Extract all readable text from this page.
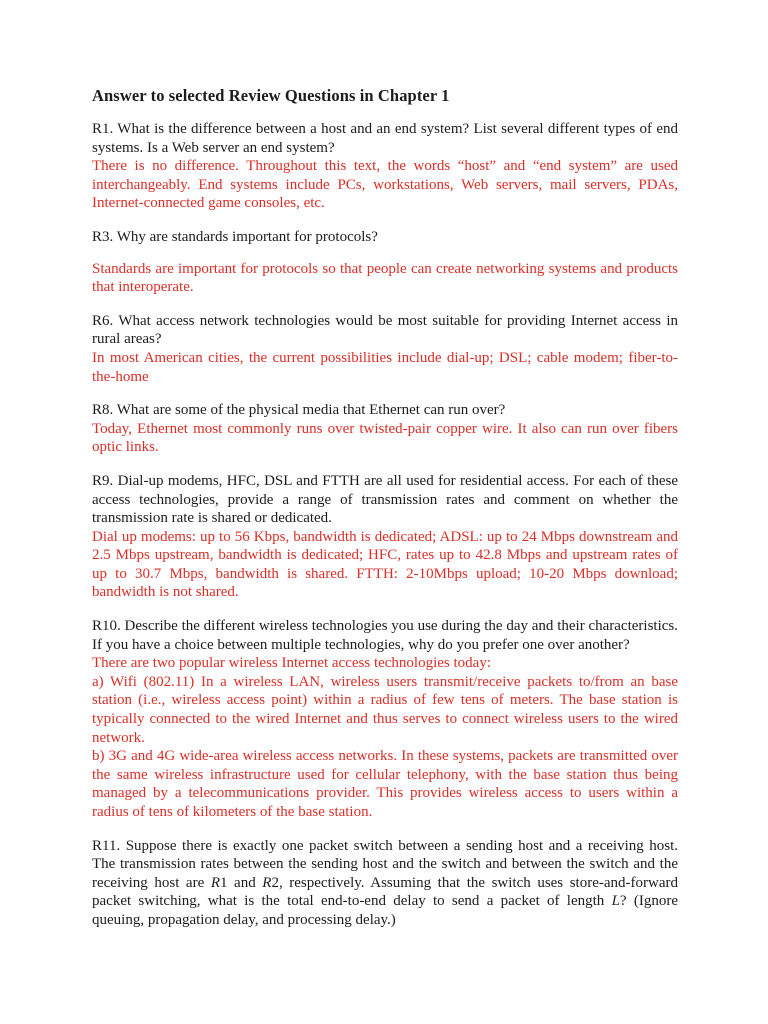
Answer to selected Review Questions in Chapter 1

R1. What is the difference between a host and an end system? List several different types of end systems. Is a Web server an end system?

There is no difference. Throughout this text, the words “host” and “end system” are used interchangeably. End systems include PCs, workstations, Web servers, mail servers, PDAs, Internet-connected game consoles, etc.

R3. Why are standards important for protocols?

Standards are important for protocols so that people can create networking systems and products that interoperate.

R6. What access network technologies would be most suitable for providing Internet access in rural areas?

In most American cities, the current possibilities include dial-up; DSL; cable modem; fiber-to-the-home

R8. What are some of the physical media that Ethernet can run over?

Today, Ethernet most commonly runs over twisted-pair copper wire. It also can run over fibers optic links.

R9. Dial-up modems, HFC, DSL and FTTH are all used for residential access. For each of these access technologies, provide a range of transmission rates and comment on whether the transmission rate is shared or dedicated.

Dial up modems: up to 56 Kbps, bandwidth is dedicated; ADSL: up to 24 Mbps downstream and 2.5 Mbps upstream, bandwidth is dedicated; HFC, rates up to 42.8 Mbps and upstream rates of up to 30.7 Mbps, bandwidth is shared. FTTH: 2-10Mbps upload; 10-20 Mbps download; bandwidth is not shared.

R10. Describe the different wireless technologies you use during the day and their characteristics. If you have a choice between multiple technologies, why do you prefer one over another?

There are two popular wireless Internet access technologies today:

a) Wifi (802.11) In a wireless LAN, wireless users transmit/receive packets to/from an base station (i.e., wireless access point) within a radius of few tens of meters. The base station is typically connected to the wired Internet and thus serves to connect wireless users to the wired network.

b) 3G and 4G wide-area wireless access networks. In these systems, packets are transmitted over the same wireless infrastructure used for cellular telephony, with the base station thus being managed by a telecommunications provider. This provides wireless access to users within a radius of tens of kilometers of the base station.

R11. Suppose there is exactly one packet switch between a sending host and a receiving host. The transmission rates between the sending host and the switch and between the switch and the receiving host are R1 and R2, respectively. Assuming that the switch uses store-and-forward packet switching, what is the total end-to-end delay to send a packet of length L? (Ignore queuing, propagation delay, and processing delay.)
